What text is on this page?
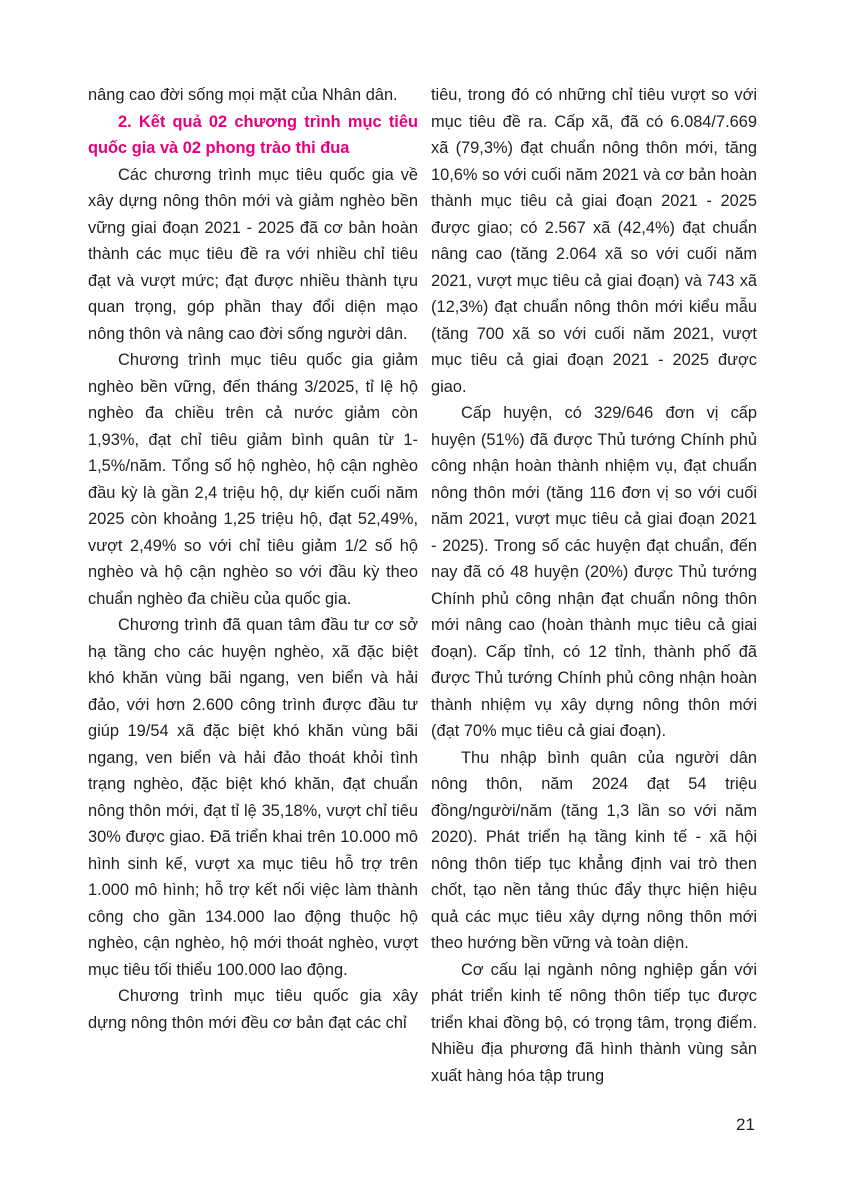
nâng cao đời sống mọi mặt của Nhân dân.

2. Kết quả 02 chương trình mục tiêu quốc gia và 02 phong trào thi đua

Các chương trình mục tiêu quốc gia về xây dựng nông thôn mới và giảm nghèo bền vững giai đoạn 2021 - 2025 đã cơ bản hoàn thành các mục tiêu đề ra với nhiều chỉ tiêu đạt và vượt mức; đạt được nhiều thành tựu quan trọng, góp phần thay đổi diện mạo nông thôn và nâng cao đời sống người dân.

Chương trình mục tiêu quốc gia giảm nghèo bền vững, đến tháng 3/2025, tỉ lệ hộ nghèo đa chiều trên cả nước giảm còn 1,93%, đạt chỉ tiêu giảm bình quân từ 1-1,5%/năm. Tổng số hộ nghèo, hộ cận nghèo đầu kỳ là gần 2,4 triệu hộ, dự kiến cuối năm 2025 còn khoảng 1,25 triệu hộ, đạt 52,49%, vượt 2,49% so với chỉ tiêu giảm 1/2 số hộ nghèo và hộ cận nghèo so với đầu kỳ theo chuẩn nghèo đa chiều của quốc gia.

Chương trình đã quan tâm đầu tư cơ sở hạ tầng cho các huyện nghèo, xã đặc biệt khó khăn vùng bãi ngang, ven biển và hải đảo, với hơn 2.600 công trình được đầu tư giúp 19/54 xã đặc biệt khó khăn vùng bãi ngang, ven biển và hải đảo thoát khỏi tình trạng nghèo, đặc biệt khó khăn, đạt chuẩn nông thôn mới, đạt tỉ lệ 35,18%, vượt chỉ tiêu 30% được giao. Đã triển khai trên 10.000 mô hình sinh kế, vượt xa mục tiêu hỗ trợ trên 1.000 mô hình; hỗ trợ kết nối việc làm thành công cho gần 134.000 lao động thuộc hộ nghèo, cận nghèo, hộ mới thoát nghèo, vượt mục tiêu tối thiểu 100.000 lao động.

Chương trình mục tiêu quốc gia xây dựng nông thôn mới đều cơ bản đạt các chỉ

tiêu, trong đó có những chỉ tiêu vượt so với mục tiêu đề ra. Cấp xã, đã có 6.084/7.669 xã (79,3%) đạt chuẩn nông thôn mới, tăng 10,6% so với cuối năm 2021 và cơ bản hoàn thành mục tiêu cả giai đoạn 2021 - 2025 được giao; có 2.567 xã (42,4%) đạt chuẩn nâng cao (tăng 2.064 xã so với cuối năm 2021, vượt mục tiêu cả giai đoạn) và 743 xã (12,3%) đạt chuẩn nông thôn mới kiểu mẫu (tăng 700 xã so với cuối năm 2021, vượt mục tiêu cả giai đoạn 2021 - 2025 được giao.

Cấp huyện, có 329/646 đơn vị cấp huyện (51%) đã được Thủ tướng Chính phủ công nhận hoàn thành nhiệm vụ, đạt chuẩn nông thôn mới (tăng 116 đơn vị so với cuối năm 2021, vượt mục tiêu cả giai đoạn 2021 - 2025). Trong số các huyện đạt chuẩn, đến nay đã có 48 huyện (20%) được Thủ tướng Chính phủ công nhận đạt chuẩn nông thôn mới nâng cao (hoàn thành mục tiêu cả giai đoạn). Cấp tỉnh, có 12 tỉnh, thành phố đã được Thủ tướng Chính phủ công nhận hoàn thành nhiệm vụ xây dựng nông thôn mới (đạt 70% mục tiêu cả giai đoạn).

Thu nhập bình quân của người dân nông thôn, năm 2024 đạt 54 triệu đồng/người/năm (tăng 1,3 lần so với năm 2020). Phát triển hạ tầng kinh tế - xã hội nông thôn tiếp tục khẳng định vai trò then chốt, tạo nền tảng thúc đẩy thực hiện hiệu quả các mục tiêu xây dựng nông thôn mới theo hướng bền vững và toàn diện.

Cơ cấu lại ngành nông nghiệp gắn với phát triển kinh tế nông thôn tiếp tục được triển khai đồng bộ, có trọng tâm, trọng điểm. Nhiều địa phương đã hình thành vùng sản xuất hàng hóa tập trung

21
